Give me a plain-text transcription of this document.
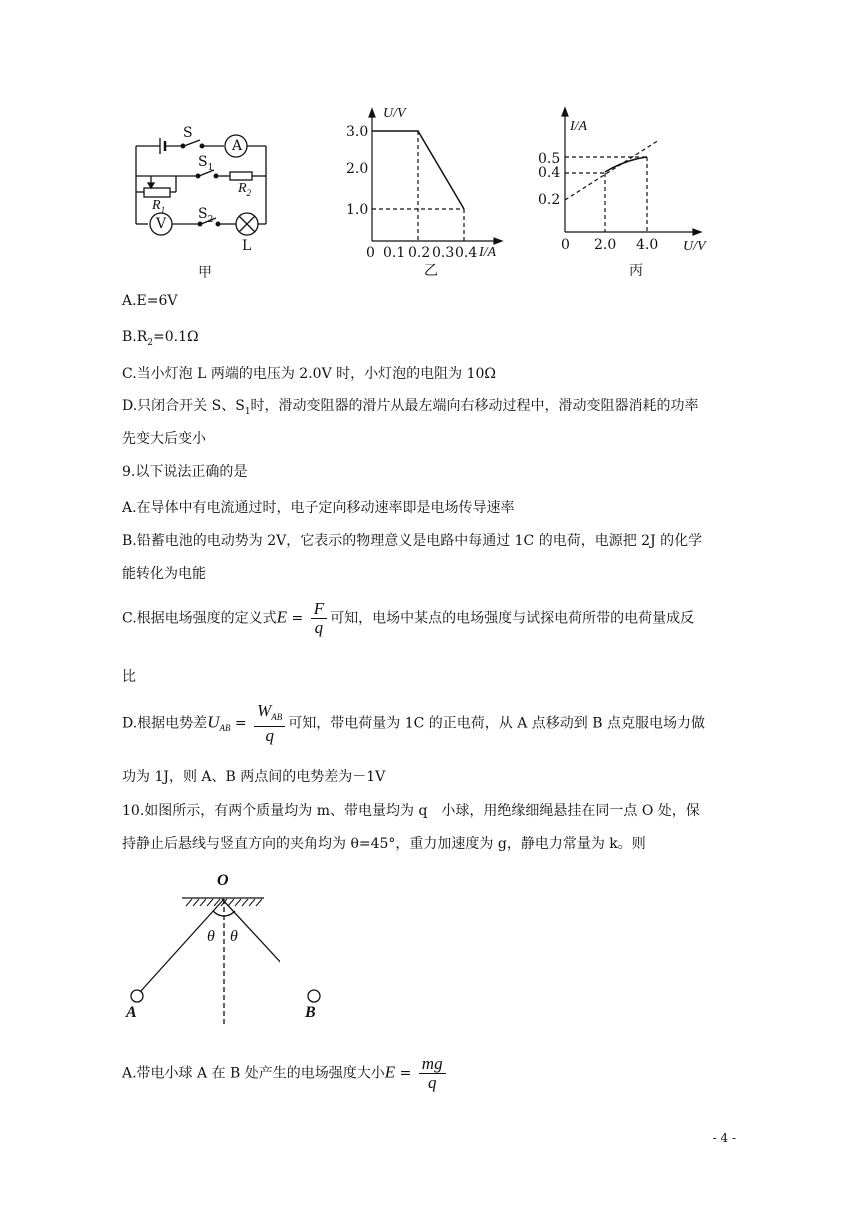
S
A
$S_1$
$R_2$
$R_1$
V
$S_2$
L
甲
U/V
3.0
2.0
1.0
0 0.1 0.2 0.3 0.4 I/A
乙
I/A
0.5
0.4
0.2
0 2.0 4.0 U/V
丙
A.E=6V
$B.R_2=0.1\Omega$
C.当小灯泡 L 两端的电压为 2.0V 时，小灯泡的电阻为 10Ω
D.只闭合开关 S、$S_1$时，滑动变阻器的滑片从最左端向右移动过程中，滑动变阻器消耗的功率
先变大后变小
9.以下说法正确的是
A.在导体中有电流通过时，电子定向移动速率即是电场传导速率
B.铅蓄电池的电动势为 2V，它表示的物理意义是电路中每通过 1C 的电荷，电源把 2J 的化学
能转化为电能
C.根据电场强度的定义式$E = \frac{F}{q}$ 可知，电场中某点的电场强度与试探电荷所带的电荷量成反
比
D.根据电势差$U_{AB} = \frac{W_{AB}}{q}$ 可知，带电荷量为 1C 的正电荷，从 A 点移动到 B 点克服电场力做
功为 1J，则 A、B 两点间的电势差为－1V
10.如图所示，有两个质量均为 m、带电量均为 q　小球，用绝缘细绳悬挂在同一点 O 处，保
持静止后悬线与竖直方向的夹角均为 θ=45°，重力加速度为 g，静电力常量为 k。则
O
θ θ
A	B
A.带电小球 A 在 B 处产生的电场强度大小$E = \frac{mg}{q}$
- 4 -
